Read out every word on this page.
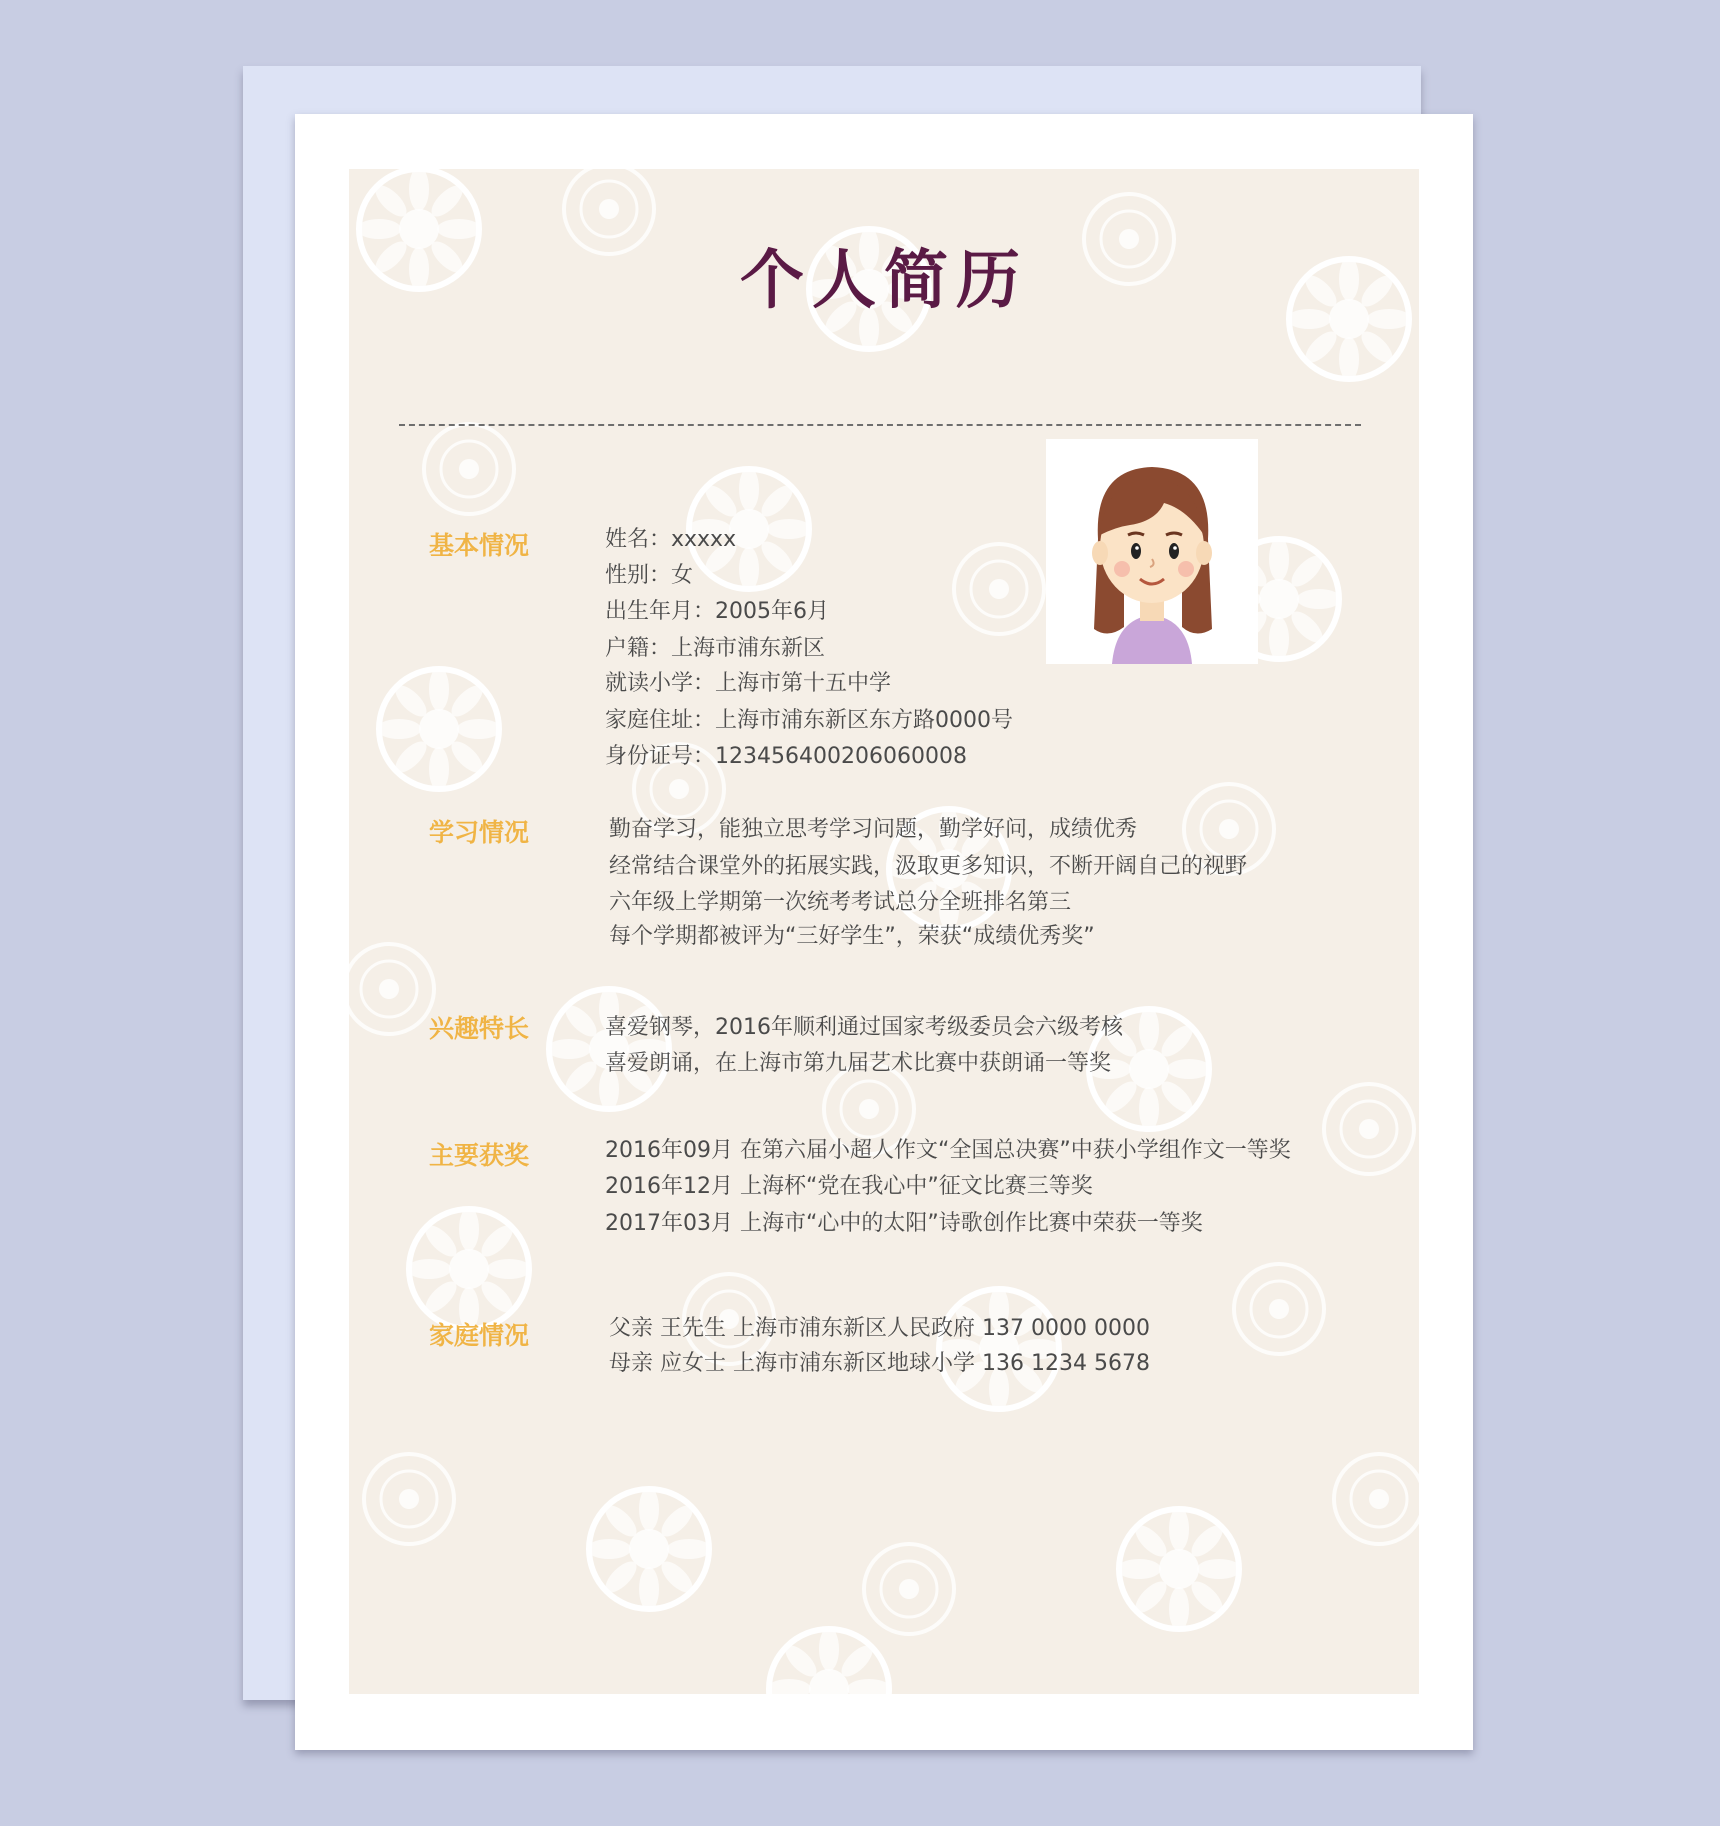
个人简历
基本情况	姓名：xxxxx
性别：女
出生年月：2005年6月
户籍：上海市浦东新区
就读小学：上海市第十五中学
家庭住址：上海市浦东新区东方路0000号
身份证号：123456400206060008
学习情况	勤奋学习，能独立思考学习问题，勤学好问，成绩优秀
经常结合课堂外的拓展实践，汲取更多知识，不断开阔自己的视野
六年级上学期第一次统考考试总分全班排名第三
每个学期都被评为“三好学生”，荣获“成绩优秀奖”
兴趣特长	喜爱钢琴，2016年顺利通过国家考级委员会六级考核
喜爱朗诵，在上海市第九届艺术比赛中获朗诵一等奖
主要获奖	2016年09月 在第六届小超人作文“全国总决赛”中获小学组作文一等奖
2016年12月 上海杯“党在我心中”征文比赛三等奖
2017年03月 上海市“心中的太阳”诗歌创作比赛中荣获一等奖
家庭情况	父亲 王先生 上海市浦东新区人民政府 137 0000 0000
母亲 应女士 上海市浦东新区地球小学 136 1234 5678
